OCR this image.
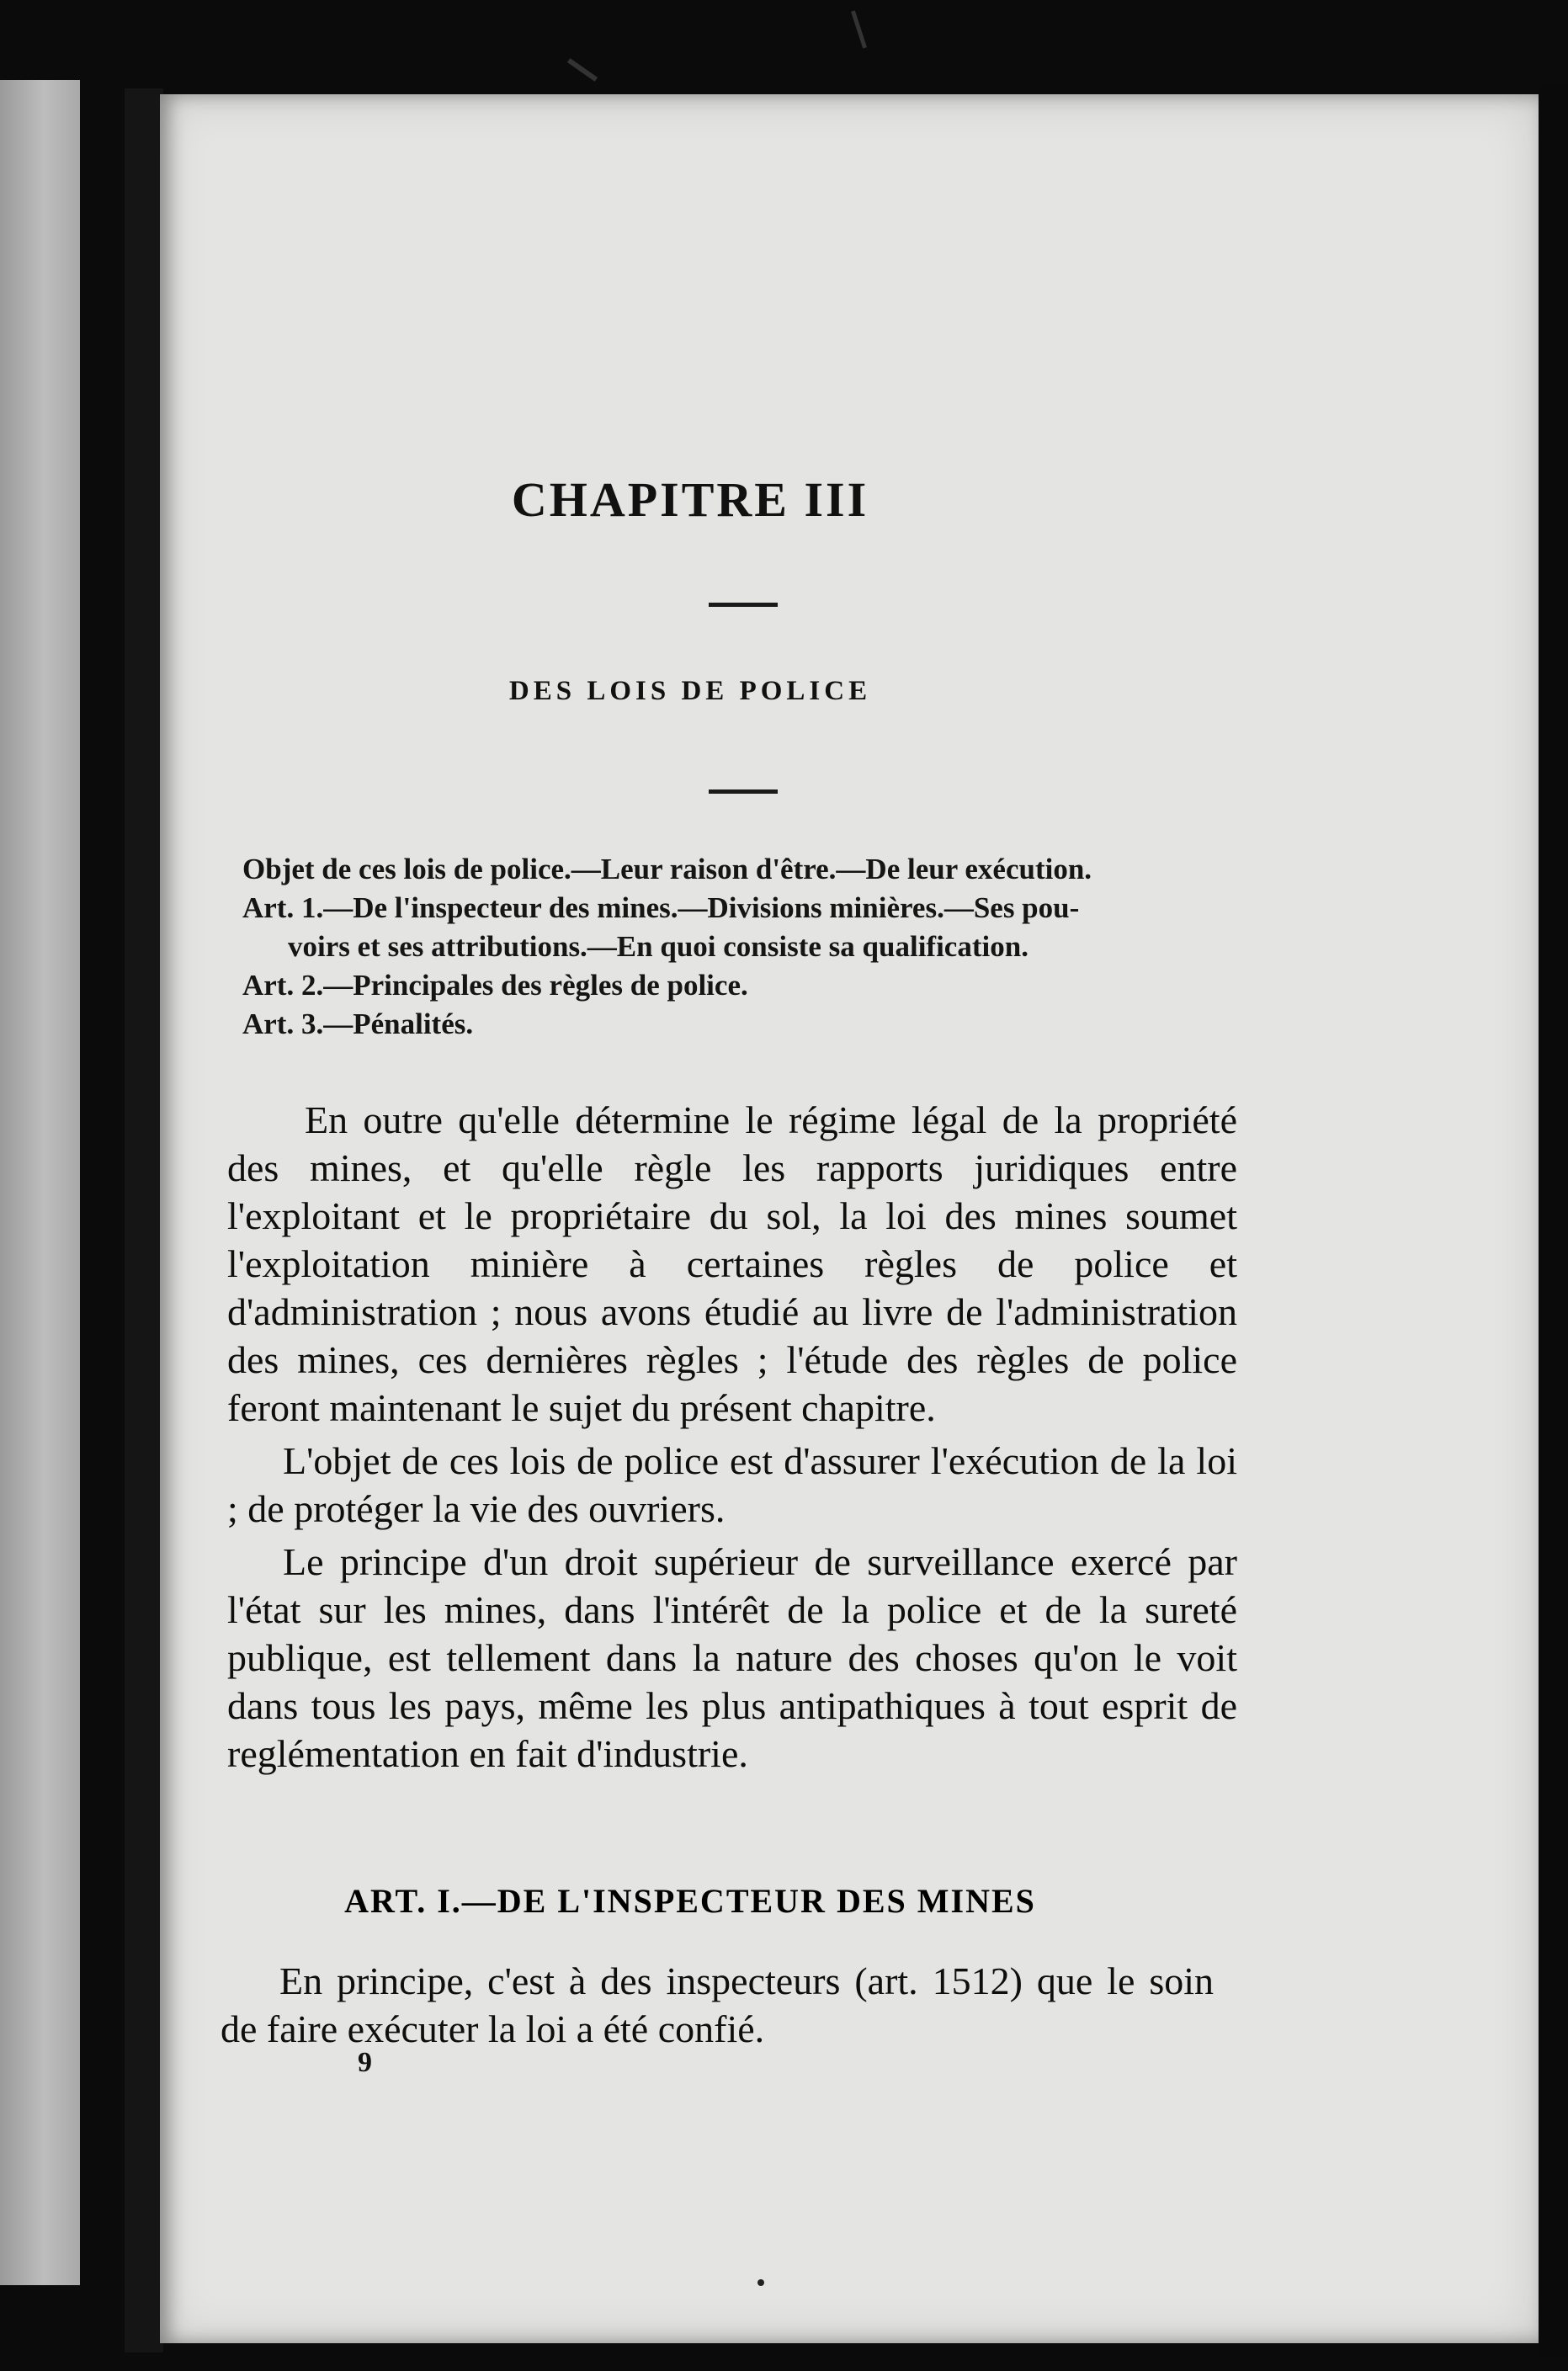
CHAPITRE III
DES LOIS DE POLICE

Objet de ces lois de police.—Leur raison d'être.—De leur exécution.

Art. 1.—De l'inspecteur des mines.—Divisions minières.—Ses pou-

voirs et ses attributions.—En quoi consiste sa qualification.

Art. 2.—Principales des règles de police.

Art. 3.—Pénalités.

En outre qu'elle détermine le régime légal de la propriété des mines, et qu'elle règle les rapports juridiques entre l'exploitant et le propriétaire du sol, la loi des mines soumet l'exploitation minière à certaines règles de police et d'administration ; nous avons étudié au livre de l'administration des mines, ces dernières règles ; l'étude des règles de police feront maintenant le sujet du présent chapitre.

L'objet de ces lois de police est d'assurer l'exécution de la loi ; de protéger la vie des ouvriers.

Le principe d'un droit supérieur de surveillance exercé par l'état sur les mines, dans l'intérêt de la police et de la sureté publique, est tellement dans la nature des choses qu'on le voit dans tous les pays, même les plus antipathiques à tout esprit de reglémentation en fait d'industrie.

ART. I.—DE L'INSPECTEUR DES MINES

En principe, c'est à des inspecteurs (art. 1512) que le soin de faire exécuter la loi a été confié.

9
